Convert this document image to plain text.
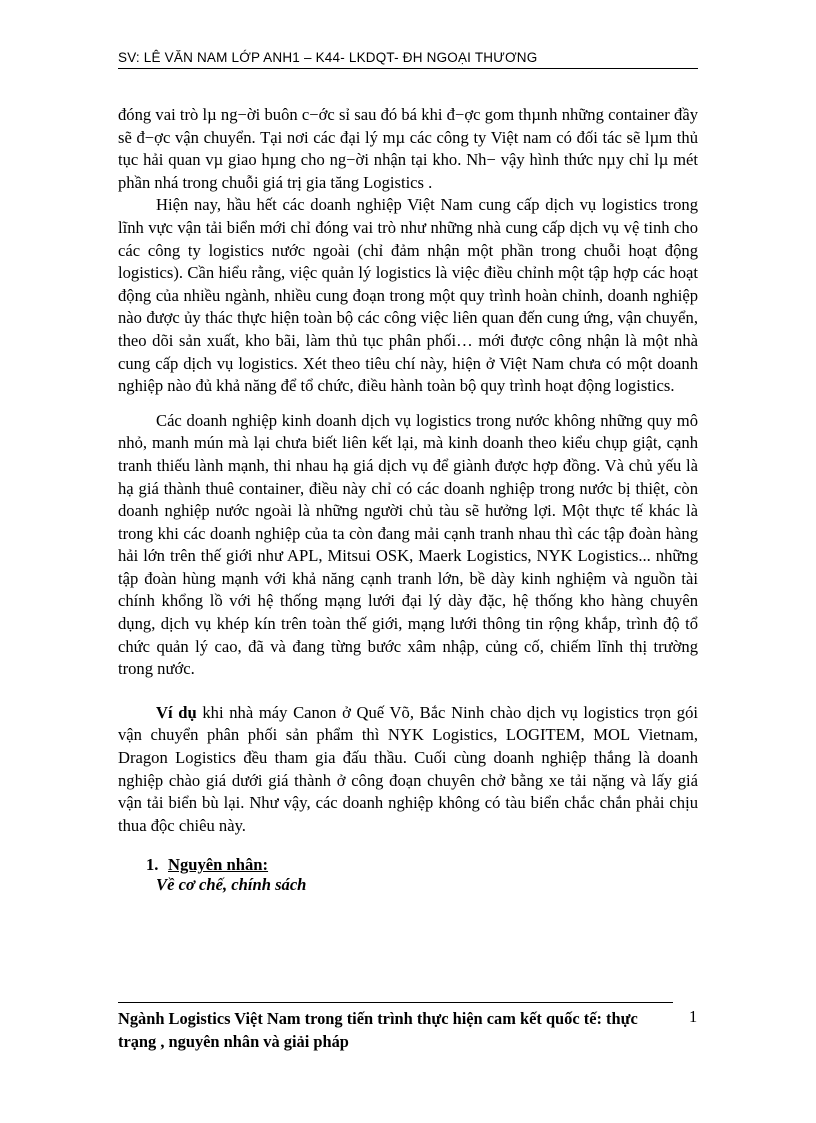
SV: LÊ VĂN NAM LỚP ANH1 – K44- LKDQT- ĐH NGOẠI THƯƠNG

đóng vai trò lµ ng−ời buôn c−ớc sỉ sau đó bá khi đ−ợc gom thµnh những container đầy sẽ đ−ợc vận chuyển. Tại nơi các đại lý mµ các công ty Việt nam có đối tác sẽ lµm thủ tục hải quan vµ giao hµng cho ng−ời nhận tại kho. Nh− vậy hình thức nµy chỉ lµ mét phần nhá trong chuỗi giá trị gia tăng Logistics .

Hiện nay, hầu hết các doanh nghiệp Việt Nam cung cấp dịch vụ logistics trong lĩnh vực vận tải biển mới chỉ đóng vai trò như những nhà cung cấp dịch vụ vệ tinh cho các công ty logistics nước ngoài (chỉ đảm nhận một phần trong chuỗi hoạt động logistics). Cần hiểu rằng, việc quản lý logistics là việc điều chỉnh một tập hợp các hoạt động của nhiều ngành, nhiều cung đoạn trong một quy trình hoàn chỉnh, doanh nghiệp nào được ủy thác thực hiện toàn bộ các công việc liên quan đến cung ứng, vận chuyển, theo dõi sản xuất, kho bãi, làm thủ tục phân phối… mới được công nhận là một nhà cung cấp dịch vụ logistics. Xét theo tiêu chí này, hiện ở Việt Nam chưa có một doanh nghiệp nào đủ khả năng để tổ chức, điều hành toàn bộ quy trình hoạt động logistics.

Các doanh nghiệp kinh doanh dịch vụ logistics trong nước không những quy mô nhỏ, manh mún mà lại chưa biết liên kết lại, mà kinh doanh theo kiểu chụp giật, cạnh tranh thiếu lành mạnh, thi nhau hạ giá dịch vụ để giành được hợp đồng. Và chủ yếu là hạ giá thành thuê container, điều này chỉ có các doanh nghiệp trong nước bị thiệt, còn doanh nghiệp nước ngoài là những người chủ tàu sẽ hưởng lợi. Một thực tế khác là trong khi các doanh nghiệp của ta còn đang mải cạnh tranh nhau thì các tập đoàn hàng hải lớn trên thế giới như APL, Mitsui OSK, Maerk Logistics, NYK Logistics... những tập đoàn hùng mạnh với khả năng cạnh tranh lớn, bề dày kinh nghiệm và nguồn tài chính khổng lồ với hệ thống mạng lưới đại lý dày đặc, hệ thống kho hàng chuyên dụng, dịch vụ khép kín trên toàn thế giới, mạng lưới thông tin rộng khắp, trình độ tổ chức quản lý cao, đã và đang từng bước xâm nhập, củng cố, chiếm lĩnh thị trường trong nước.

Ví dụ khi nhà máy Canon ở Quế Võ, Bắc Ninh chào dịch vụ logistics trọn gói vận chuyển phân phối sản phẩm thì NYK Logistics, LOGITEM, MOL Vietnam, Dragon Logistics đều tham gia đấu thầu. Cuối cùng doanh nghiệp thắng là doanh nghiệp chào giá dưới giá thành ở công đoạn chuyên chở bằng xe tải nặng và lấy giá vận tải biển bù lại. Như vậy, các doanh nghiệp không có tàu biển chắc chắn phải chịu thua độc chiêu này.

1. Nguyên nhân:
Về cơ chế, chính sách
Ngành Logistics Việt Nam trong tiến trình thực hiện cam kết quốc tế: thực trạng , nguyên nhân và giải pháp
1
